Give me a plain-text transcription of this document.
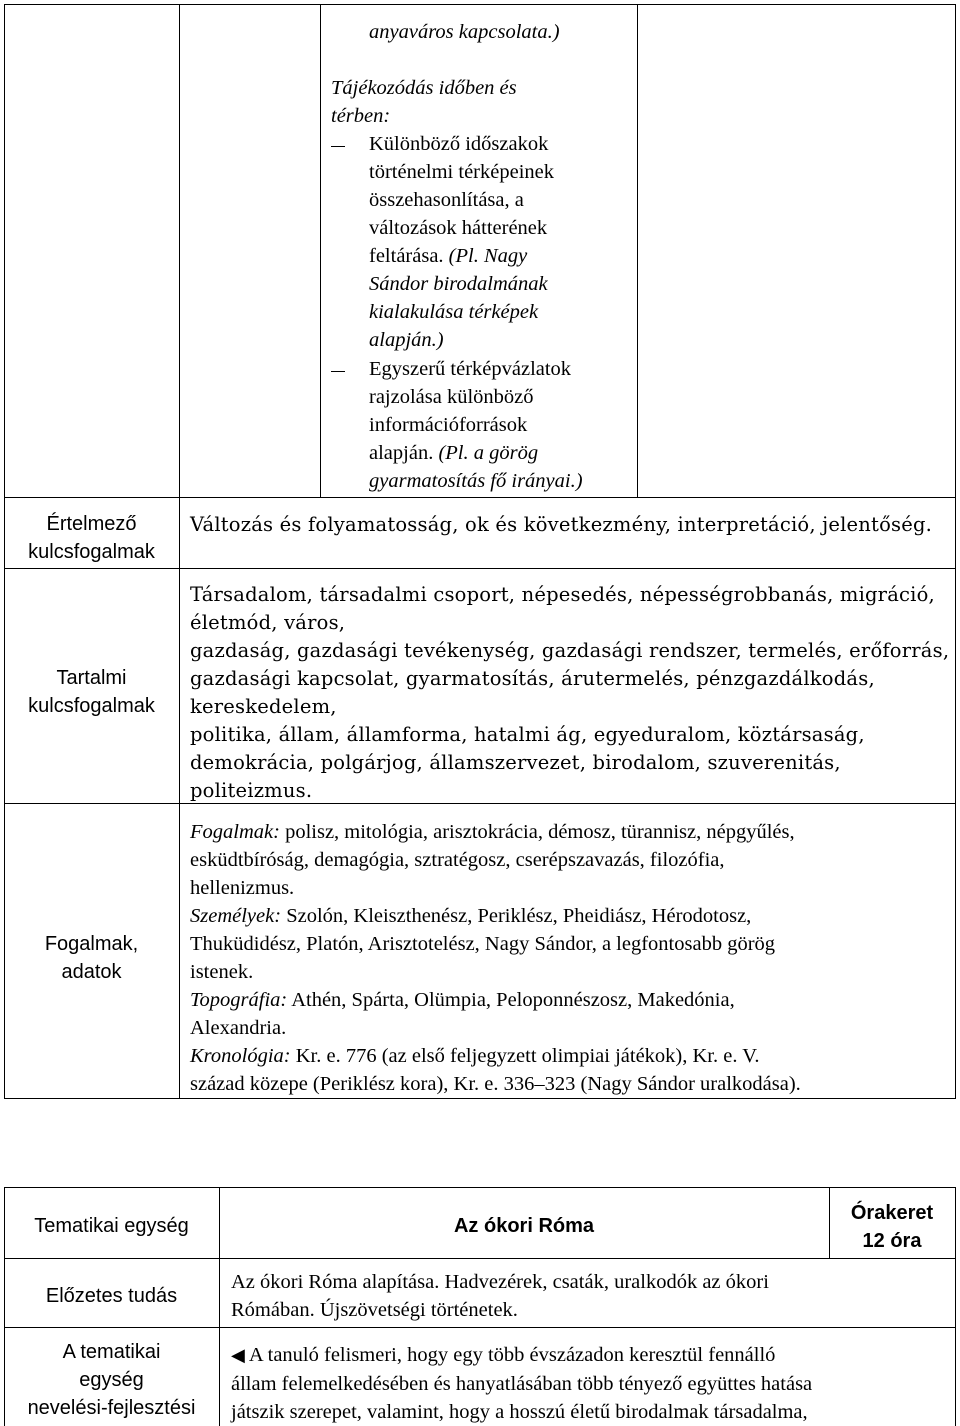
anyaváros kapcsolata.)

Tájékozódás időben és

térben:

Különböző időszakok

történelmi térképeinek

összehasonlítása, a

változások hátterének

feltárása. (Pl. Nagy

Sándor birodalmának

kialakulása térképek

alapján.)

Egyszerű térképvázlatok

rajzolása különböző

információforrások

alapján. (Pl. a görög

gyarmatosítás fő irányai.)

Értelmező

kulcsfogalmak

Változás és folyamatosság, ok és következmény, interpretáció, jelentőség.

Tartalmi

kulcsfogalmak

Társadalom, társadalmi csoport, népesedés, népességrobbanás, migráció,

életmód, város,

gazdaság, gazdasági tevékenység, gazdasági rendszer, termelés, erőforrás,

gazdasági kapcsolat, gyarmatosítás, árutermelés, pénzgazdálkodás,

kereskedelem,

politika, állam, államforma, hatalmi ág, egyeduralom, köztársaság,

demokrácia, polgárjog, államszervezet, birodalom, szuverenitás,

politeizmus.

Fogalmak,

adatok

Fogalmak: polisz, mitológia, arisztokrácia, démosz, türannisz, népgyűlés,

esküdtbíróság, demagógia, sztratégosz, cserépszavazás, filozófia,

hellenizmus.

Személyek: Szolón, Kleiszthenész, Periklész, Pheidiász, Hérodotosz,

Thuküdidész, Platón, Arisztotelész, Nagy Sándor, a legfontosabb görög

istenek.

Topográfia: Athén, Spárta, Olümpia, Peloponnészosz, Makedónia,

Alexandria.

Kronológia: Kr. e. 776 (az első feljegyzett olimpiai játékok), Kr. e. V.

század közepe (Periklész kora), Kr. e. 336–323 (Nagy Sándor uralkodása).

Tematikai egység	Az ókori Róma

Órakeret

12 óra

Előzetes tudás

Az ókori Róma alapítása. Hadvezérek, csaták, uralkodók az ókori

Rómában. Újszövetségi történetek.

A tematikai

egység

nevelési-fejlesztési

◀ A tanuló felismeri, hogy egy több évszázadon keresztül fennálló

állam felemelkedésében és hanyatlásában több tényező együttes hatása

játszik szerepet, valamint, hogy a hosszú életű birodalmak társadalma,
